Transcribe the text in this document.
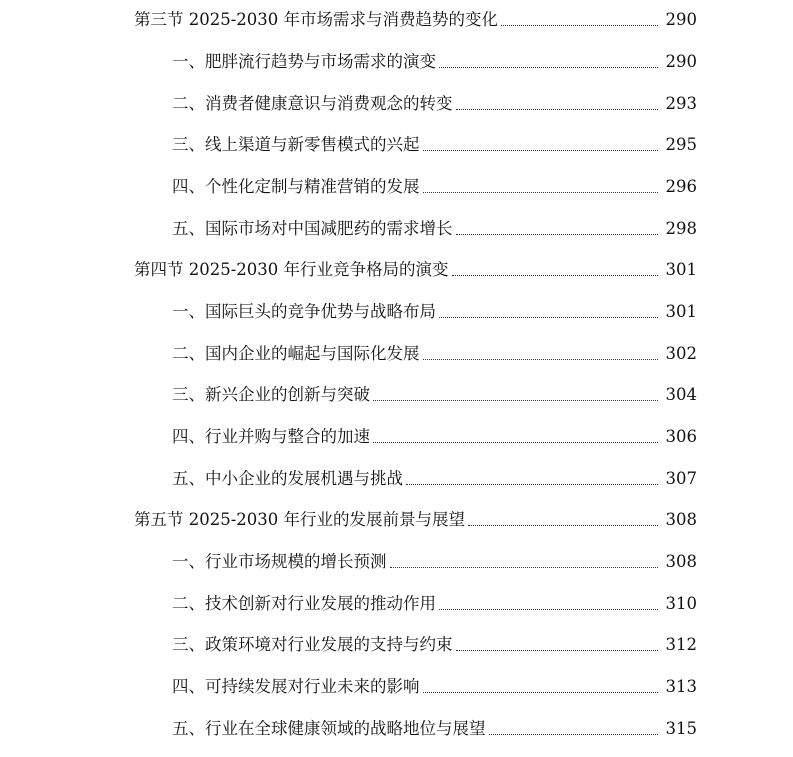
第三节 2025-2030 年市场需求与消费趋势的变化	290
一、肥胖流行趋势与市场需求的演变	290
二、消费者健康意识与消费观念的转变	293
三、线上渠道与新零售模式的兴起	295
四、个性化定制与精准营销的发展	296
五、国际市场对中国减肥药的需求增长	298
第四节 2025-2030 年行业竞争格局的演变	301
一、国际巨头的竞争优势与战略布局	301
二、国内企业的崛起与国际化发展	302
三、新兴企业的创新与突破	304
四、行业并购与整合的加速	306
五、中小企业的发展机遇与挑战	307
第五节 2025-2030 年行业的发展前景与展望	308
一、行业市场规模的增长预测	308
二、技术创新对行业发展的推动作用	310
三、政策环境对行业发展的支持与约束	312
四、可持续发展对行业未来的影响	313
五、行业在全球健康领域的战略地位与展望	315
